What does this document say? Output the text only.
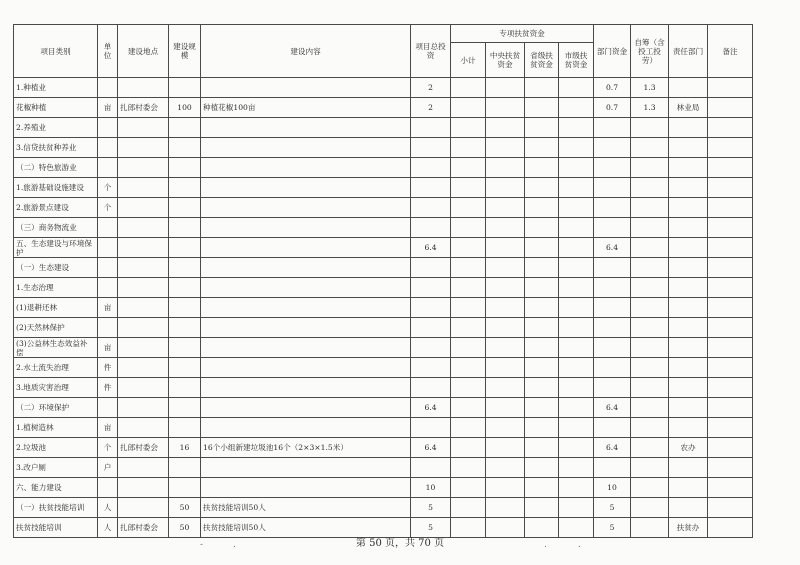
项目类别	单位	建设地点	建设规模	建设内容	项目总投资	专项扶贫资金				部门资金	自筹（含投工投劳）	责任部门	备注
						小计	中央扶贫资金	省级扶贫资金	市级扶贫资金				
1.种植业					2					0.7	1.3		
花椒种植	亩	扎郎村委会	100	种植花椒100亩	2					0.7	1.3	林业局	
2.养殖业													
3.信贷扶贫种养业													
（二）特色旅游业													
1.旅游基础设施建设	个												
2.旅游景点建设	个												
（三）商务物流业													
五、生态建设与环境保护					6.4					6.4			
（一）生态建设													
1.生态治理													
(1)退耕还林	亩												
(2)天然林保护													
(3)公益林生态效益补偿	亩												
2.水土流失治理	件												
3.地质灾害治理	件												
（二）环境保护					6.4					6.4			
1.植树造林	亩												
2.垃圾池	个	扎郎村委会	16	16个小组新建垃圾池16个（2×3×1.5米）	6.4					6.4		农办	
3.改户厕	户												
六、能力建设					10					10			
（一）扶贫技能培训	人		50	扶贫技能培训50人	5					5			
扶贫技能培训	人	扎郎村委会	50	扶贫技能培训50人	5					5		扶贫办	
-	.	第 50 页，共 70 页	.	.
